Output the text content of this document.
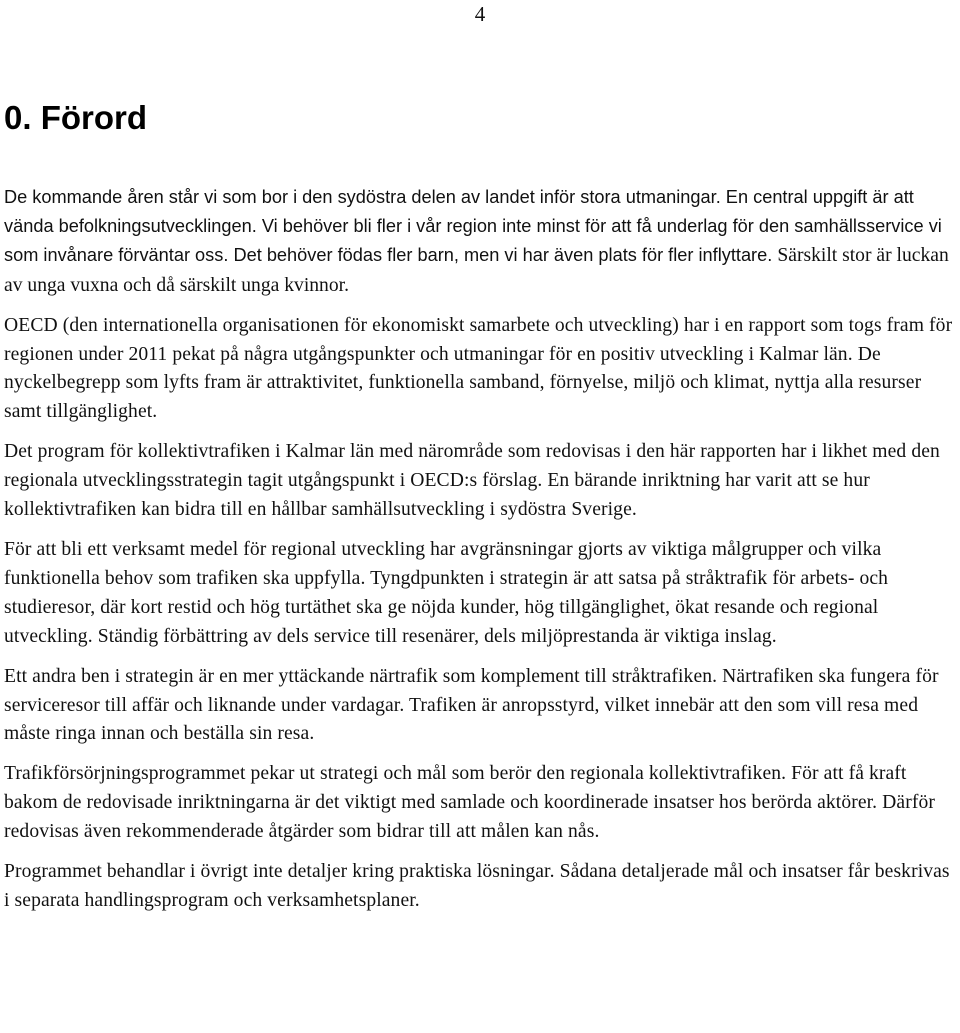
4
0. Förord

De kommande åren står vi som bor i den sydöstra delen av landet inför stora utmaningar. En central uppgift är att vända befolkningsutvecklingen. Vi behöver bli fler i vår region inte minst för att få underlag för den samhällsservice vi som invånare förväntar oss. Det behöver födas fler barn, men vi har även plats för fler inflyttare. Särskilt stor är luckan av unga vuxna och då särskilt unga kvinnor.

OECD (den internationella organisationen för ekonomiskt samarbete och utveckling) har i en rapport som togs fram för regionen under 2011 pekat på några utgångspunkter och utmaningar för en positiv utveckling i Kalmar län. De nyckelbegrepp som lyfts fram är attraktivitet, funktionella samband, förnyelse, miljö och klimat, nyttja alla resurser samt tillgänglighet.

Det program för kollektivtrafiken i Kalmar län med närområde som redovisas i den här rapporten har i likhet med den regionala utvecklingsstrategin tagit utgångspunkt i OECD:s förslag. En bärande inriktning har varit att se hur kollektivtrafiken kan bidra till en hållbar samhällsutveckling i sydöstra Sverige.

För att bli ett verksamt medel för regional utveckling har avgränsningar gjorts av viktiga målgrupper och vilka funktionella behov som trafiken ska uppfylla. Tyngdpunkten i strategin är att satsa på stråktrafik för arbets- och studieresor, där kort restid och hög turtäthet ska ge nöjda kunder, hög tillgänglighet, ökat resande och regional utveckling. Ständig förbättring av dels service till resenärer, dels miljöprestanda är viktiga inslag.

Ett andra ben i strategin är en mer yttäckande närtrafik som komplement till stråktrafiken. Närtrafiken ska fungera för serviceresor till affär och liknande under vardagar. Trafiken är anropsstyrd, vilket innebär att den som vill resa med måste ringa innan och beställa sin resa.

Trafikförsörjningsprogrammet pekar ut strategi och mål som berör den regionala kollektivtrafiken. För att få kraft bakom de redovisade inriktningarna är det viktigt med samlade och koordinerade insatser hos berörda aktörer. Därför redovisas även rekommenderade åtgärder som bidrar till att målen kan nås.

Programmet behandlar i övrigt inte detaljer kring praktiska lösningar. Sådana detaljerade mål och insatser får beskrivas i separata handlingsprogram och verksamhetsplaner.
